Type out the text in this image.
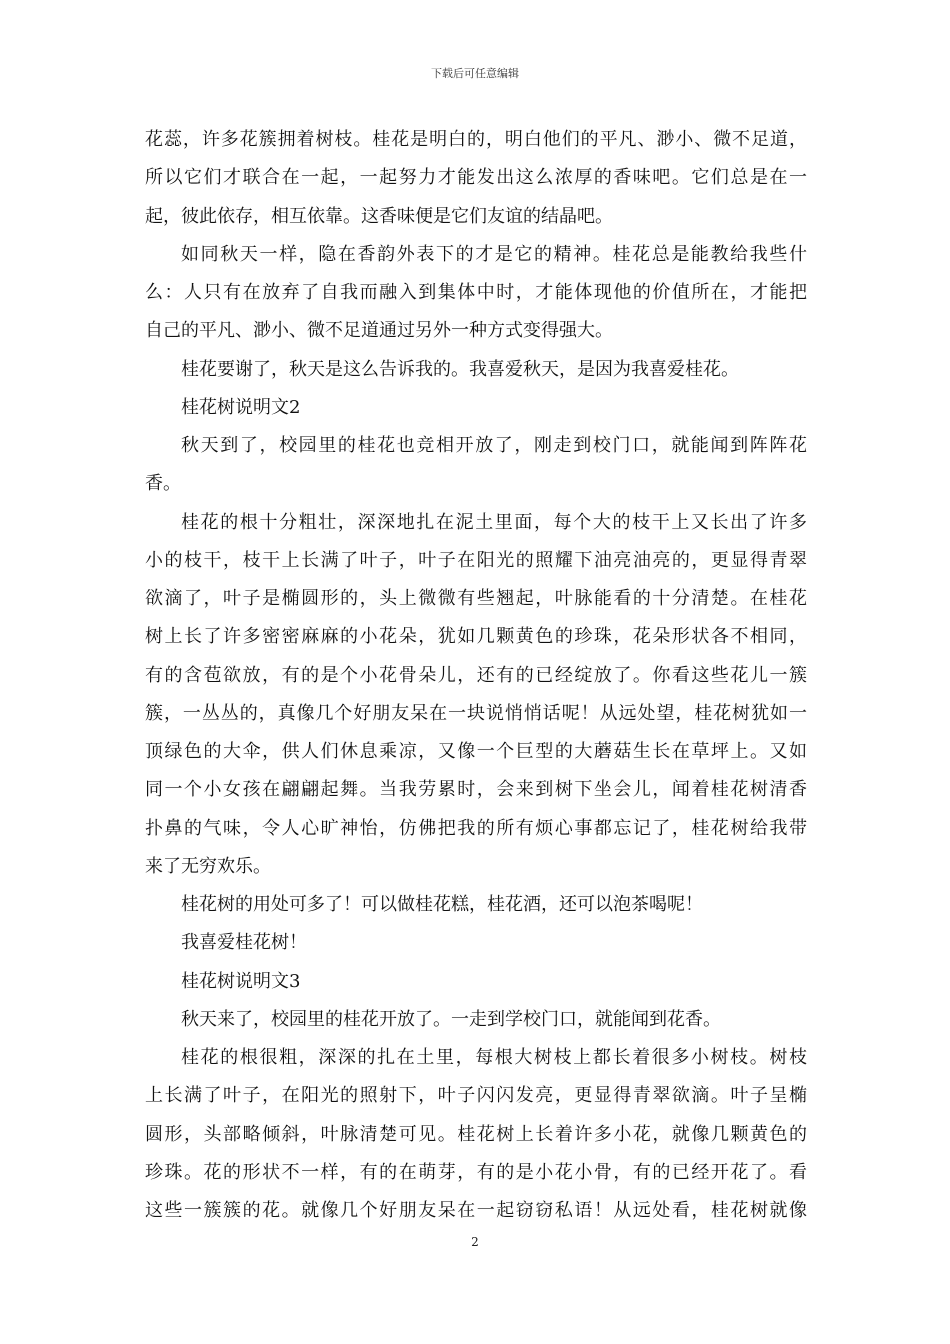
下载后可任意编辑
花蕊，许多花簇拥着树枝。桂花是明白的，明白他们的平凡、渺小、微不足道，
所以它们才联合在一起，一起努力才能发出这么浓厚的香味吧。它们总是在一
起，彼此依存，相互依靠。这香味便是它们友谊的结晶吧。
如同秋天一样，隐在香韵外表下的才是它的精神。桂花总是能教给我些什
么：人只有在放弃了自我而融入到集体中时，才能体现他的价值所在，才能把
自己的平凡、渺小、微不足道通过另外一种方式变得强大。
桂花要谢了，秋天是这么告诉我的。我喜爱秋天，是因为我喜爱桂花。
桂花树说明文2
秋天到了，校园里的桂花也竞相开放了，刚走到校门口，就能闻到阵阵花
香。
桂花的根十分粗壮，深深地扎在泥土里面，每个大的枝干上又长出了许多
小的枝干，枝干上长满了叶子，叶子在阳光的照耀下油亮油亮的，更显得青翠
欲滴了，叶子是椭圆形的，头上微微有些翘起，叶脉能看的十分清楚。在桂花
树上长了许多密密麻麻的小花朵，犹如几颗黄色的珍珠，花朵形状各不相同，
有的含苞欲放，有的是个小花骨朵儿，还有的已经绽放了。你看这些花儿一簇
簇，一丛丛的，真像几个好朋友呆在一块说悄悄话呢！从远处望，桂花树犹如一
顶绿色的大伞，供人们休息乘凉，又像一个巨型的大蘑菇生长在草坪上。又如
同一个小女孩在翩翩起舞。当我劳累时，会来到树下坐会儿，闻着桂花树清香
扑鼻的气味，令人心旷神怡，仿佛把我的所有烦心事都忘记了，桂花树给我带
来了无穷欢乐。
桂花树的用处可多了！可以做桂花糕，桂花酒，还可以泡茶喝呢！
我喜爱桂花树！
桂花树说明文3
秋天来了，校园里的桂花开放了。一走到学校门口，就能闻到花香。
桂花的根很粗，深深的扎在土里，每根大树枝上都长着很多小树枝。树枝
上长满了叶子，在阳光的照射下，叶子闪闪发亮，更显得青翠欲滴。叶子呈椭
圆形，头部略倾斜，叶脉清楚可见。桂花树上长着许多小花，就像几颗黄色的
珍珠。花的形状不一样，有的在萌芽，有的是小花小骨，有的已经开花了。看
这些一簇簇的花。就像几个好朋友呆在一起窃窃私语！从远处看，桂花树就像
2
